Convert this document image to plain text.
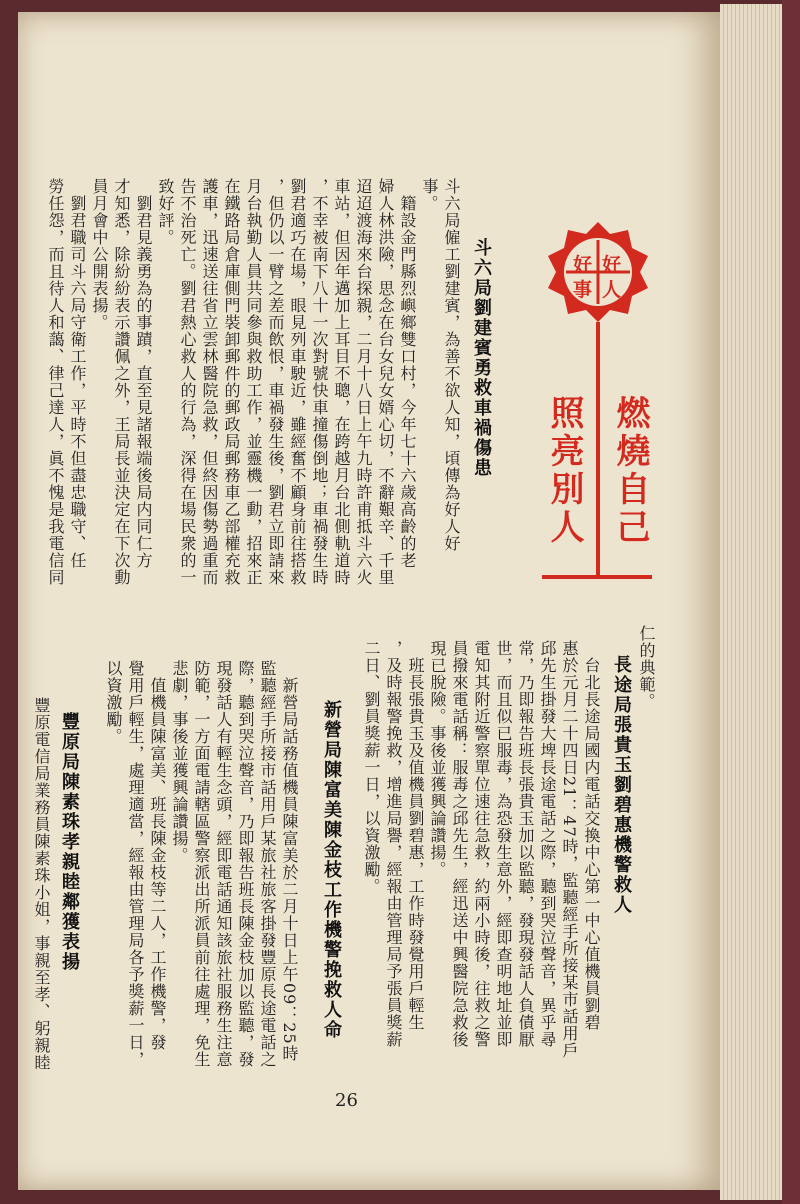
好
好
人
事
燃燒自己
照亮別人
斗六局劉建賓勇救車禍傷患
斗六局僱工劉建賓，為善不欲人知，頃傳為好人好
事。
　籍設金門縣烈嶼鄉雙口村，今年七十六歲高齡的老
婦人林洪險，思念在台女兒女婿心切，不辭艱辛、千里
迢迢渡海來台探親，二月十八日上午九時許甫抵斗六火
車站，但因年邁加上耳目不聰，在跨越月台北側軌道時
，不幸被南下八十一次對號快車撞傷倒地；車禍發生時
劉君適巧在場，眼見列車駛近，雖經奮不顧身前往搭救
，但仍以一臂之差而飲恨，車禍發生後，劉君立即請來
月台執勤人員共同參與救助工作，並靈機一動，招來正
在鐵路局倉庫側門裝卸郵件的郵政局郵務車乙部權充救
護車，迅速送往省立雲林醫院急救，但終因傷勢過重而
告不治死亡。劉君熱心救人的行為，深得在場民衆的一
致好評。
　劉君見義勇為的事蹟，直至見諸報端後局内同仁方
才知悉，除紛紛表示讚佩之外，王局長並決定在下次動
員月會中公開表揚。
　劉君職司斗六局守衛工作，平時不但盡忠職守、任
勞任怨，而且待人和藹、律己達人，眞不愧是我電信同
仁的典範。
長途局張貴玉劉碧惠機警救人
　台北長途局國内電話交換中心第一中心值機員劉碧
惠於元月二十四日21：47時，監聽經手所接某市話用戶
邱先生掛發大埤長途電話之際，聽到哭泣聲音，異乎尋
常，乃即報告班長張貴玉加以監聽，發現發話人負債厭
世，而且似已服毒，為恐發生意外，經即查明地址並即
電知其附近警察單位速往急救，約兩小時後，往救之警
員撥來電話稱：服毒之邱先生，經迅送中興醫院急救後
現已脫險。事後並獲興論讚揚。
　班長張貴玉及值機員劉碧惠，工作時發覺用戶輕生
，及時報警挽救，增進局譽，經報由管理局予張員獎薪
二日、劉員獎薪一日，以資激勵。
新營局陳富美陳金枝工作機警挽救人命
　新營局話務值機員陳富美於二月十日上午09：25時
監聽經手所接市話用戶某旅社旅客掛發豐原長途電話之
際，聽到哭泣聲音，乃即報告班長陳金枝加以監聽，發
現發話人有輕生念頭，經即電話通知該旅社服務生注意
防範，一方面電請轄區警察派出所派員前往處理，免生
悲劇，事後並獲興論讚揚。
　值機員陳富美、班長陳金枝等二人，工作機警，發
覺用戶輕生，處理適當，經報由管理局各予獎薪一日，
以資激勵。
豐原局陳素珠孝親睦鄰獲表揚
　豐原電信局業務員陳素珠小姐，事親至孝、躬親睦
26
